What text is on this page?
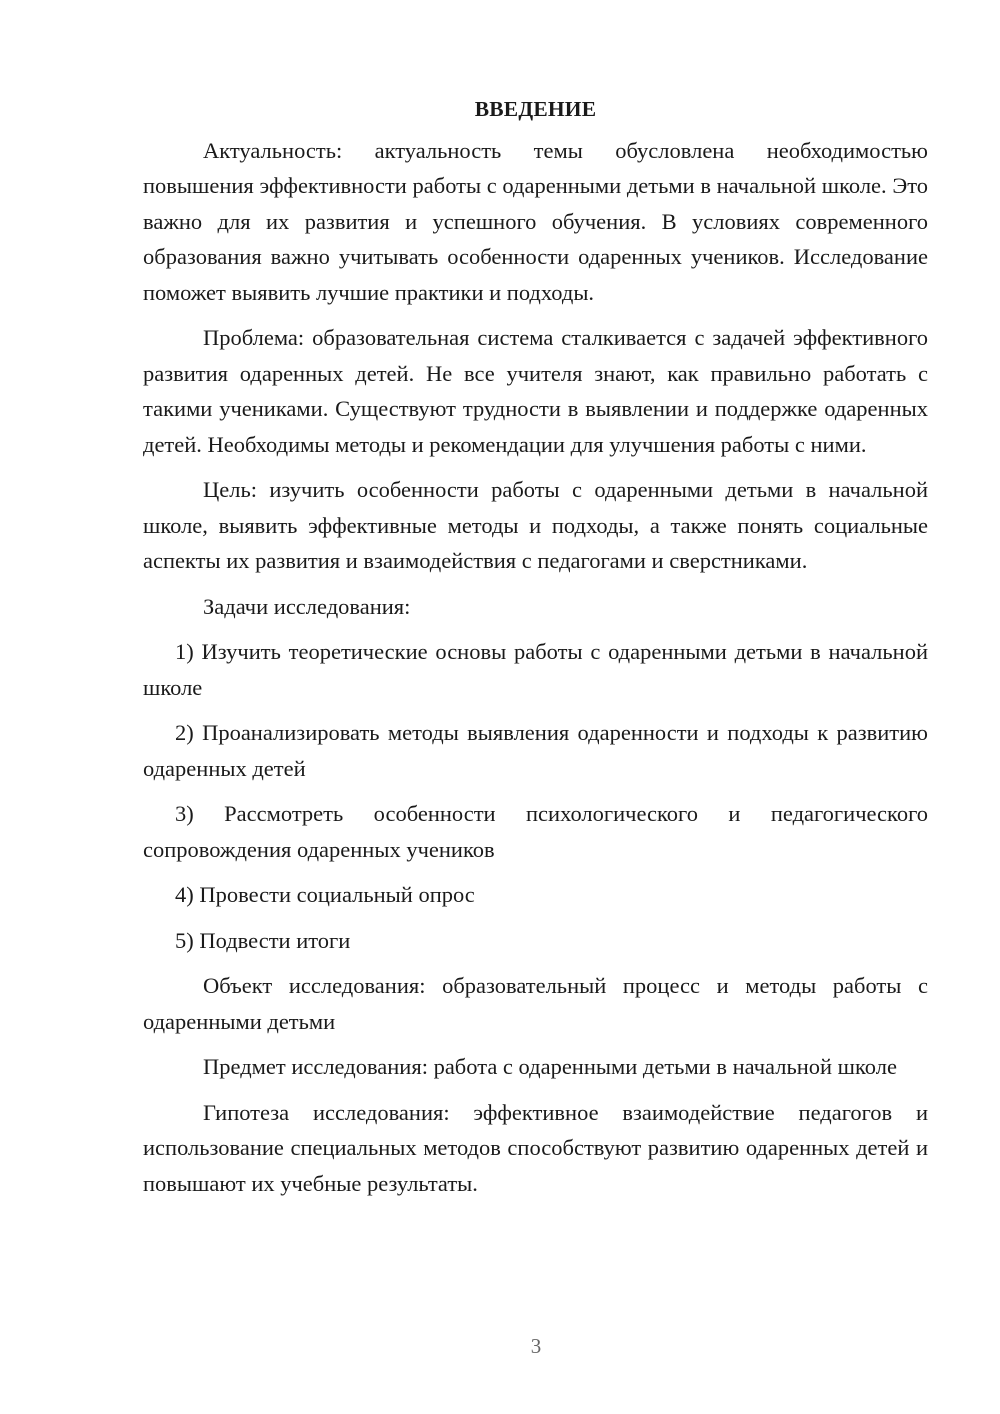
ВВЕДЕНИЕ

Актуальность: актуальность темы обусловлена необходимостью повышения эффективности работы с одаренными детьми в начальной школе. Это важно для их развития и успешного обучения. В условиях современного образования важно учитывать особенности одаренных учеников. Исследование поможет выявить лучшие практики и подходы.

Проблема: образовательная система сталкивается с задачей эффективного развития одаренных детей. Не все учителя знают, как правильно работать с такими учениками. Существуют трудности в выявлении и поддержке одаренных детей. Необходимы методы и рекомендации для улучшения работы с ними.

Цель: изучить особенности работы с одаренными детьми в начальной школе, выявить эффективные методы и подходы, а также понять социальные аспекты их развития и взаимодействия с педагогами и сверстниками.

Задачи исследования:

1) Изучить теоретические основы работы с одаренными детьми в начальной школе

2) Проанализировать методы выявления одаренности и подходы к развитию одаренных детей

3) Рассмотреть особенности психологического и педагогического сопровождения одаренных учеников

4) Провести социальный опрос

5) Подвести итоги

Объект исследования: образовательный процесс и методы работы с одаренными детьми

Предмет исследования: работа с одаренными детьми в начальной школе

Гипотеза исследования: эффективное взаимодействие педагогов и использование специальных методов способствуют развитию одаренных детей и повышают их учебные результаты.

3
